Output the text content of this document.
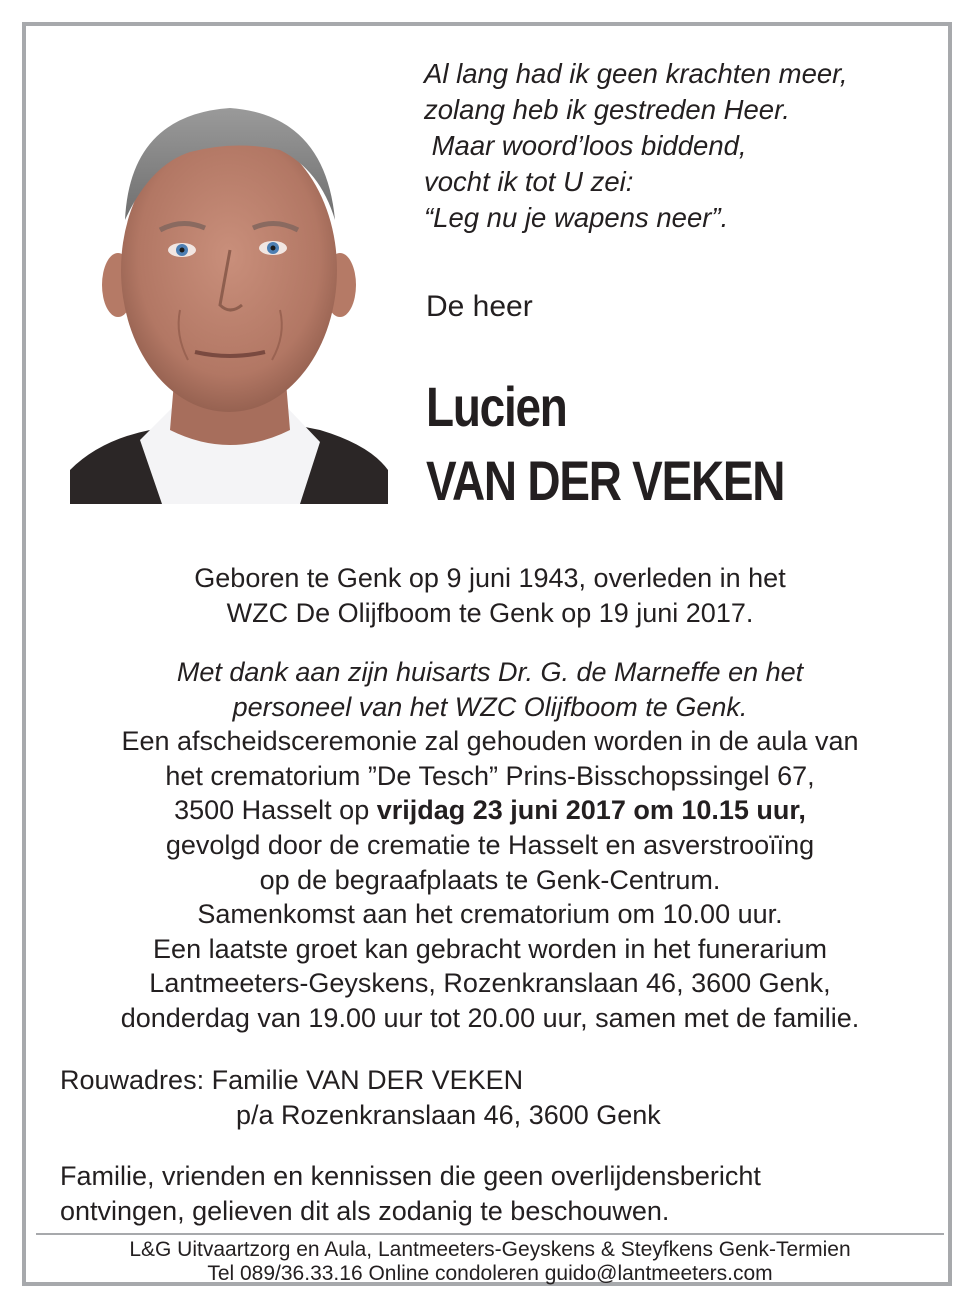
Al lang had ik geen krachten meer,
zolang heb ik gestreden Heer.
Maar woord’loos biddend,
vocht ik tot U zei:
“Leg nu je wapens neer”.
De heer
Lucien
VAN DER VEKEN
Geboren te Genk op 9 juni 1943, overleden in het
WZC De Olijfboom te Genk op 19 juni 2017.
Met dank aan zijn huisarts Dr. G. de Marneffe en het
personeel van het WZC Olijfboom te Genk.
Een afscheidsceremonie zal gehouden worden in de aula van
het crematorium ”De Tesch” Prins-Bisschopssingel 67,
3500 Hasselt op vrijdag 23 juni 2017 om 10.15 uur,
gevolgd door de crematie te Hasselt en asverstrooïïng
op de begraafplaats te Genk-Centrum.
Samenkomst aan het crematorium om 10.00 uur.
Een laatste groet kan gebracht worden in het funerarium
Lantmeeters-Geyskens, Rozenkranslaan 46, 3600 Genk,
donderdag van 19.00 uur tot 20.00 uur, samen met de familie.
Rouwadres: Familie VAN DER VEKEN
p/a Rozenkranslaan 46, 3600 Genk
Familie, vrienden en kennissen die geen overlijdensbericht
ontvingen, gelieven dit als zodanig te beschouwen.
L&G Uitvaartzorg en Aula, Lantmeeters-Geyskens & Steyfkens Genk-Termien
Tel 089/36.33.16 Online condoleren guido@lantmeeters.com
